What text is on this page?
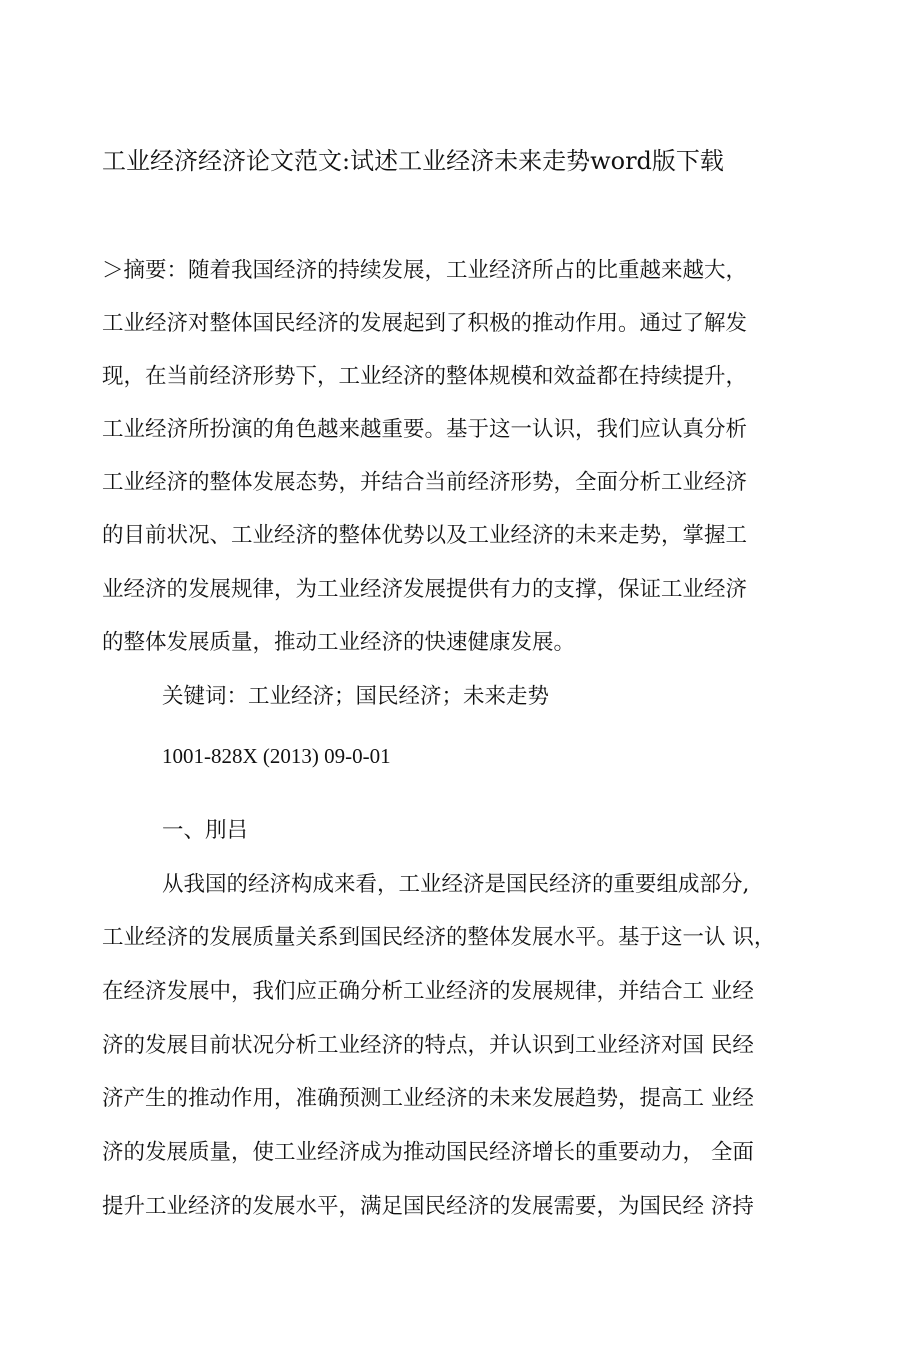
工业经济经济论文范文:试述工业经济未来走势word版下载
＞摘要：随着我国经济的持续发展，工业经济所占的比重越来越大，
工业经济对整体国民经济的发展起到了积极的推动作用。通过了解发
现，在当前经济形势下，工业经济的整体规模和效益都在持续提升，
工业经济所扮演的角色越来越重要。基于这一认识，我们应认真分析
工业经济的整体发展态势，并结合当前经济形势，全面分析工业经济
的目前状况、工业经济的整体优势以及工业经济的未来走势，掌握工
业经济的发展规律，为工业经济发展提供有力的支撑，保证工业经济
的整体发展质量，推动工业经济的快速健康发展。
关键词：工业经济；国民经济；未来走势
1001-828X (2013) 09-0-01
一、刖吕
从我国的经济构成来看，工业经济是国民经济的重要组成部分,
工业经济的发展质量关系到国民经济的整体发展水平。基于这一认 识，
在经济发展中，我们应正确分析工业经济的发展规律，并结合工 业经
济的发展目前状况分析工业经济的特点，并认识到工业经济对国 民经
济产生的推动作用，准确预测工业经济的未来发展趋势，提高工 业经
济的发展质量，使工业经济成为推动国民经济增长的重要动力， 全面
提升工业经济的发展水平，满足国民经济的发展需要，为国民经 济持
